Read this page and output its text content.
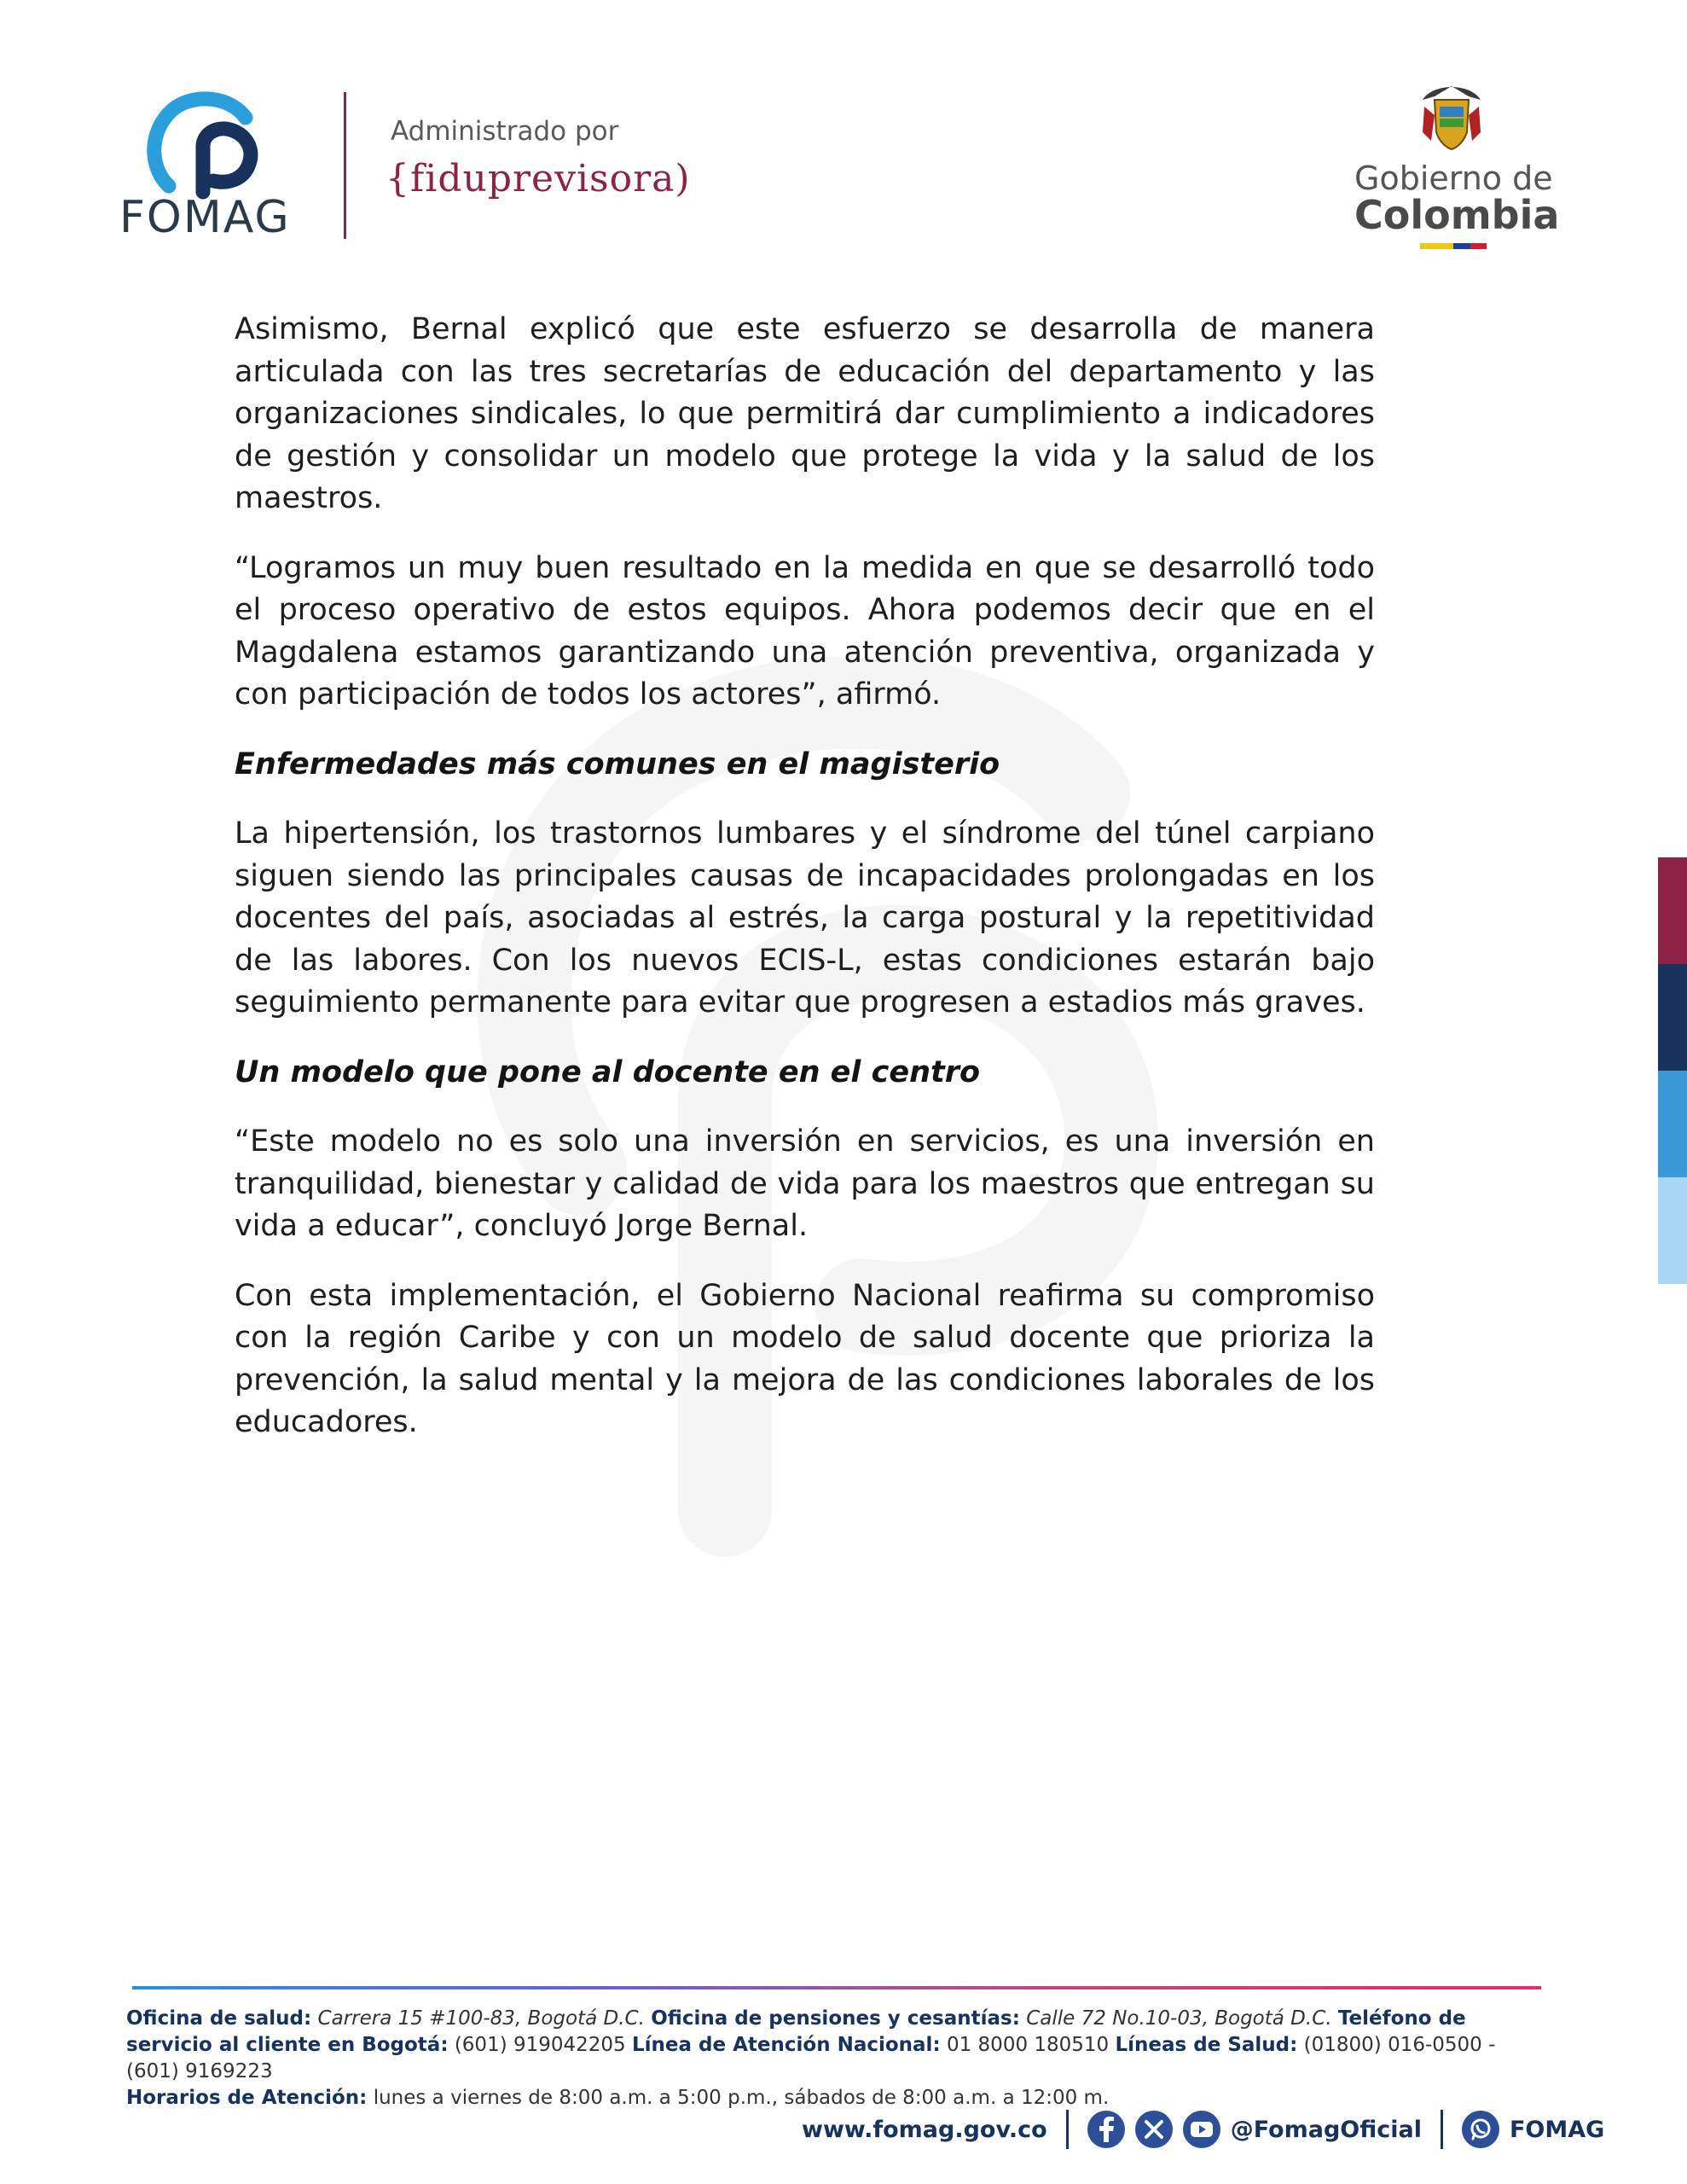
FOMAG
Administrado por
{fiduprevisora)	Gobierno de
Colombia

Asimismo, Bernal explicó que este esfuerzo se desarrolla de manera articulada con las tres secretarías de educación del departamento y las organizaciones sindicales, lo que permitirá dar cumplimiento a indicadores de gestión y consolidar un modelo que protege la vida y la salud de los maestros.

“Logramos un muy buen resultado en la medida en que se desarrolló todo el proceso operativo de estos equipos. Ahora podemos decir que en el Magdalena estamos garantizando una atención preventiva, organizada y con participación de todos los actores”, afirmó.

Enfermedades más comunes en el magisterio

La hipertensión, los trastornos lumbares y el síndrome del túnel carpiano siguen siendo las principales causas de incapacidades prolongadas en los docentes del país, asociadas al estrés, la carga postural y la repetitividad de las labores. Con los nuevos ECIS-L, estas condiciones estarán bajo seguimiento permanente para evitar que progresen a estadios más graves.

Un modelo que pone al docente en el centro

“Este modelo no es solo una inversión en servicios, es una inversión en tranquilidad, bienestar y calidad de vida para los maestros que entregan su vida a educar”, concluyó Jorge Bernal.

Con esta implementación, el Gobierno Nacional reafirma su compromiso con la región Caribe y con un modelo de salud docente que prioriza la prevención, la salud mental y la mejora de las condiciones laborales de los educadores.

Oficina de salud: Carrera 15 #100-83, Bogotá D.C. Oficina de pensiones y cesantías: Calle 72 No.10-03, Bogotá D.C. Teléfono de servicio al cliente en Bogotá: (601) 919042205 Línea de Atención Nacional: 01 8000 180510 Líneas de Salud: (01800) 016-0500 - (601) 9169223
Horarios de Atención: lunes a viernes de 8:00 a.m. a 5:00 p.m., sábados de 8:00 a.m. a 12:00 m.
www.fomag.gov.co	@FomagOficial	FOMAG
